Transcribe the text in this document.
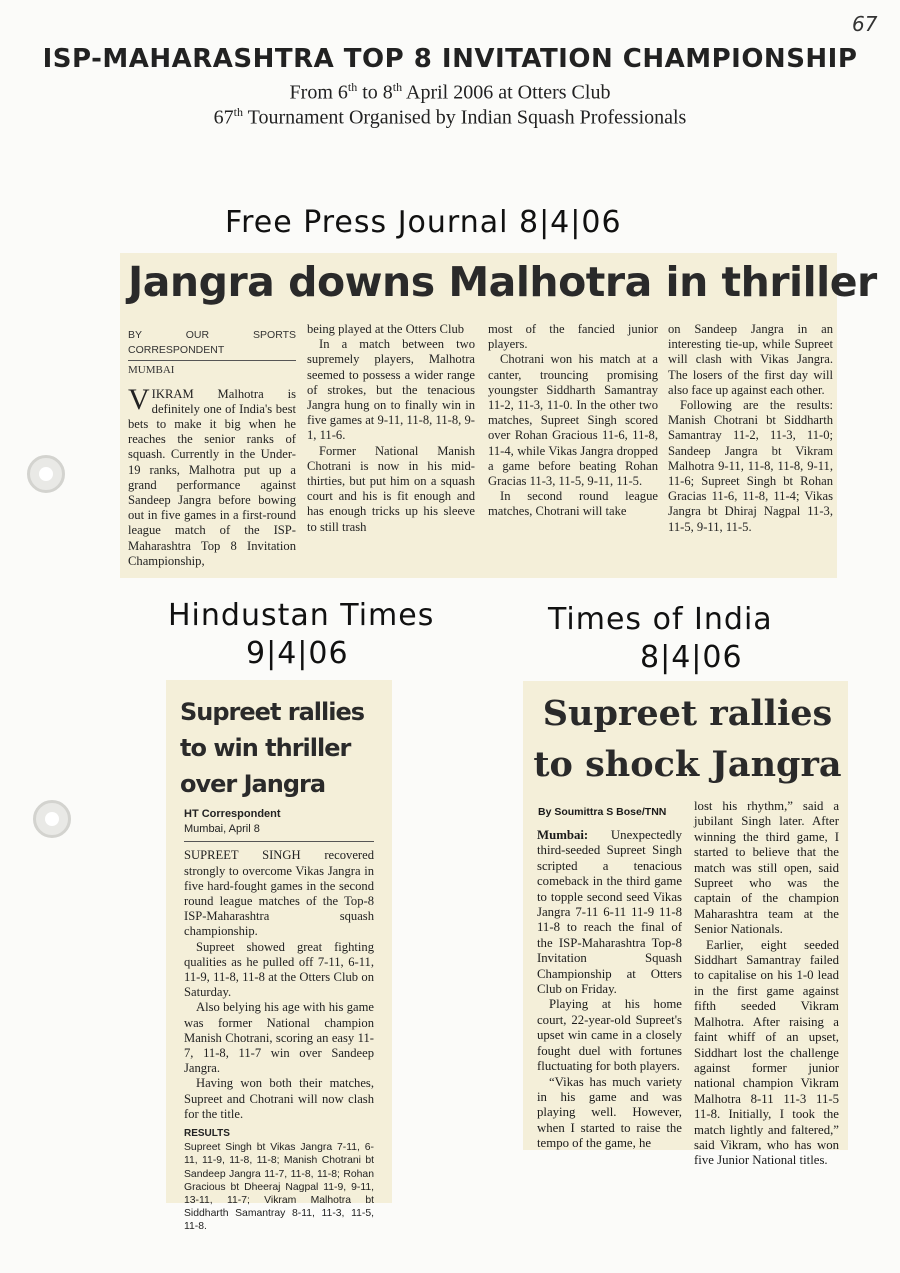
67
ISP-MAHARASHTRA TOP 8 INVITATION CHAMPIONSHIP
From 6th to 8th April 2006 at Otters Club
67th Tournament Organised by Indian Squash Professionals
Free Press Journal 8|4|06
Jangra downs Malhotra in thriller
BY OUR SPORTS CORRESPONDENT
MUMBAI

VIKRAM Malhotra is definitely one of India's best bets to make it big when he reaches the senior ranks of squash. Currently in the Under-19 ranks, Malhotra put up a grand performance against Sandeep Jangra before bowing out in five games in a first-round league match of the ISP-Maharashtra Top 8 Invitation Championship,

being played at the Otters Club

In a match between two supremely players, Malhotra seemed to possess a wider range of strokes, but the tenacious Jangra hung on to finally win in five games at 9-11, 11-8, 11-8, 9-1, 11-6.

Former National Manish Chotrani is now in his mid-thirties, but put him on a squash court and his is fit enough and has enough tricks up his sleeve to still trash

most of the fancied junior players.

Chotrani won his match at a canter, trouncing promising youngster Siddharth Samantray 11-2, 11-3, 11-0. In the other two matches, Supreet Singh scored over Rohan Gracious 11-6, 11-8, 11-4, while Vikas Jangra dropped a game before beating Rohan Gracias 11-3, 11-5, 9-11, 11-5.

In second round league matches, Chotrani will take

on Sandeep Jangra in an interesting tie-up, while Supreet will clash with Vikas Jangra. The losers of the first day will also face up against each other.

Following are the results: Manish Chotrani bt Siddharth Samantray 11-2, 11-3, 11-0; Sandeep Jangra bt Vikram Malhotra 9-11, 11-8, 11-8, 9-11, 11-6; Supreet Singh bt Rohan Gracias 11-6, 11-8, 11-4; Vikas Jangra bt Dhiraj Nagpal 11-3, 11-5, 9-11, 11-5.

Hindustan Times
9|4|06
Supreet rallies to win thriller over Jangra
HT Correspondent
Mumbai, April 8

SUPREET SINGH recovered strongly to overcome Vikas Jangra in five hard-fought games in the second round league matches of the Top-8 ISP-Maharashtra squash championship.

Supreet showed great fighting qualities as he pulled off 7-11, 6-11, 11-9, 11-8, 11-8 at the Otters Club on Saturday.

Also belying his age with his game was former National champion Manish Chotrani, scoring an easy 11-7, 11-8, 11-7 win over Sandeep Jangra.

Having won both their matches, Supreet and Chotrani will now clash for the title.

RESULTS
Supreet Singh bt Vikas Jangra 7-11, 6-11, 11-9, 11-8, 11-8; Manish Chotrani bt Sandeep Jangra 11-7, 11-8, 11-8; Rohan Gracious bt Dheeraj Nagpal 11-9, 9-11, 13-11, 11-7; Vikram Malhotra bt Siddharth Samantray 8-11, 11-3, 11-5, 11-8.
Times of India
8|4|06
Supreet rallies
to shock Jangra
By Soumittra S Bose/TNN

Mumbai: Unexpectedly third-seeded Supreet Singh scripted a tenacious comeback in the third game to topple second seed Vikas Jangra 7-11 6-11 11-9 11-8 11-8 to reach the final of the ISP-Maharashtra Top-8 Invitation Squash Championship at Otters Club on Friday.

Playing at his home court, 22-year-old Supreet's upset win came in a closely fought duel with fortunes fluctuating for both players.

“Vikas has much variety in his game and was playing well. However, when I started to raise the tempo of the game, he

lost his rhythm,” said a jubilant Singh later. After winning the third game, I started to believe that the match was still open, said Supreet who was the captain of the champion Maharashtra team at the Senior Nationals.

Earlier, eight seeded Siddhart Samantray failed to capitalise on his 1-0 lead in the first game against fifth seeded Vikram Malhotra. After raising a faint whiff of an upset, Siddhart lost the challenge against former junior national champion Vikram Malhotra 8-11 11-3 11-5 11-8. Initially, I took the match lightly and faltered,” said Vikram, who has won five Junior National titles.
